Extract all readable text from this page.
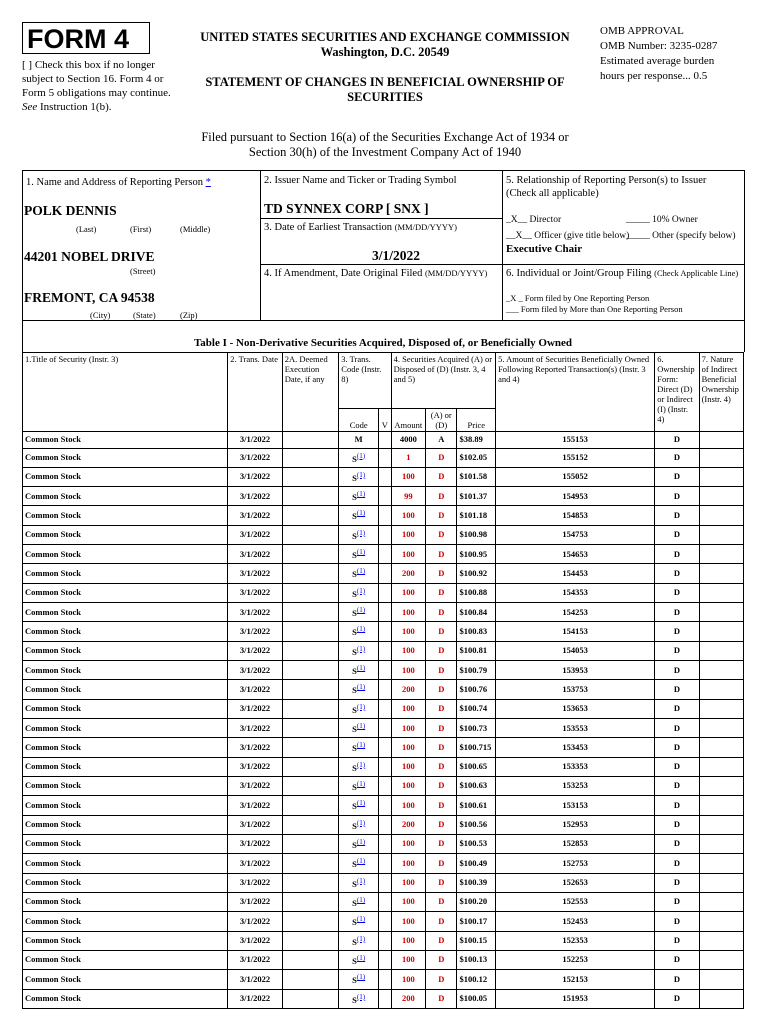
FORM 4
[ ] Check this box if no longer subject to Section 16. Form 4 or Form 5 obligations may continue. See Instruction 1(b).
UNITED STATES SECURITIES AND EXCHANGE COMMISSION
Washington, D.C. 20549
STATEMENT OF CHANGES IN BENEFICIAL OWNERSHIP OF
SECURITIES
OMB APPROVAL
OMB Number: 3235-0287
Estimated average burden
hours per response... 0.5
Filed pursuant to Section 16(a) of the Securities Exchange Act of 1934 or
Section 30(h) of the Investment Company Act of 1940
1. Name and Address of Reporting Person *
POLK DENNIS
(Last)	(First)	(Middle)
44201 NOBEL DRIVE
(Street)
FREMONT, CA 94538
(City)	(State)	(Zip)
2. Issuer Name and Ticker or Trading Symbol
TD SYNNEX CORP [ SNX ]
3. Date of Earliest Transaction (MM/DD/YYYY)
3/1/2022
4. If Amendment, Date Original Filed (MM/DD/YYYY)
5. Relationship of Reporting Person(s) to Issuer
(Check all applicable)
_X__ Director	_____ 10% Owner
__X__ Officer (give title below)
_____ Other (specify below)
Executive Chair
6. Individual or Joint/Group Filing (Check Applicable Line)
_X _ Form filed by One Reporting Person
___ Form filed by More than One Reporting Person
Table I - Non-Derivative Securities Acquired, Disposed of, or Beneficially Owned
1.Title of Security (Instr. 3)	2. Trans. Date	2A. Deemed Execution Date, if any	3. Trans. Code (Instr. 8)		4. Securities Acquired (A) or Disposed of (D) (Instr. 3, 4 and 5)			5. Amount of Securities Beneficially Owned Following Reported Transaction(s) (Instr. 3 and 4)	6. Ownership Form: Direct (D) or Indirect (I) (Instr. 4)	7. Nature of Indirect Beneficial Ownership (Instr. 4)
			Code	V	Amount	(A) or (D)	Price			
Common Stock	3/1/2022		M		4000	A	$38.89	155153	D	
Common Stock	3/1/2022		$S^{(1)}$		1	D	$102.05	155152	D	
Common Stock	3/1/2022		$S^{(1)}$		100	D	$101.58	155052	D	
Common Stock	3/1/2022		$S^{(1)}$		99	D	$101.37	154953	D	
Common Stock	3/1/2022		$S^{(1)}$		100	D	$101.18	154853	D	
Common Stock	3/1/2022		$S^{(1)}$		100	D	$100.98	154753	D	
Common Stock	3/1/2022		$S^{(1)}$		100	D	$100.95	154653	D	
Common Stock	3/1/2022		$S^{(1)}$		200	D	$100.92	154453	D	
Common Stock	3/1/2022		$S^{(1)}$		100	D	$100.88	154353	D	
Common Stock	3/1/2022		$S^{(1)}$		100	D	$100.84	154253	D	
Common Stock	3/1/2022		$S^{(1)}$		100	D	$100.83	154153	D	
Common Stock	3/1/2022		$S^{(1)}$		100	D	$100.81	154053	D	
Common Stock	3/1/2022		$S^{(1)}$		100	D	$100.79	153953	D	
Common Stock	3/1/2022		$S^{(1)}$		200	D	$100.76	153753	D	
Common Stock	3/1/2022		$S^{(1)}$		100	D	$100.74	153653	D	
Common Stock	3/1/2022		$S^{(1)}$		100	D	$100.73	153553	D	
Common Stock	3/1/2022		$S^{(1)}$		100	D	$100.715	153453	D	
Common Stock	3/1/2022		$S^{(1)}$		100	D	$100.65	153353	D	
Common Stock	3/1/2022		$S^{(1)}$		100	D	$100.63	153253	D	
Common Stock	3/1/2022		$S^{(1)}$		100	D	$100.61	153153	D	
Common Stock	3/1/2022		$S^{(1)}$		200	D	$100.56	152953	D	
Common Stock	3/1/2022		$S^{(1)}$		100	D	$100.53	152853	D	
Common Stock	3/1/2022		$S^{(1)}$		100	D	$100.49	152753	D	
Common Stock	3/1/2022		$S^{(1)}$		100	D	$100.39	152653	D	
Common Stock	3/1/2022		$S^{(1)}$		100	D	$100.20	152553	D	
Common Stock	3/1/2022		$S^{(1)}$		100	D	$100.17	152453	D	
Common Stock	3/1/2022		$S^{(1)}$		100	D	$100.15	152353	D	
Common Stock	3/1/2022		$S^{(1)}$		100	D	$100.13	152253	D	
Common Stock	3/1/2022		$S^{(1)}$		100	D	$100.12	152153	D	
Common Stock	3/1/2022		$S^{(1)}$		200	D	$100.05	151953	D	
